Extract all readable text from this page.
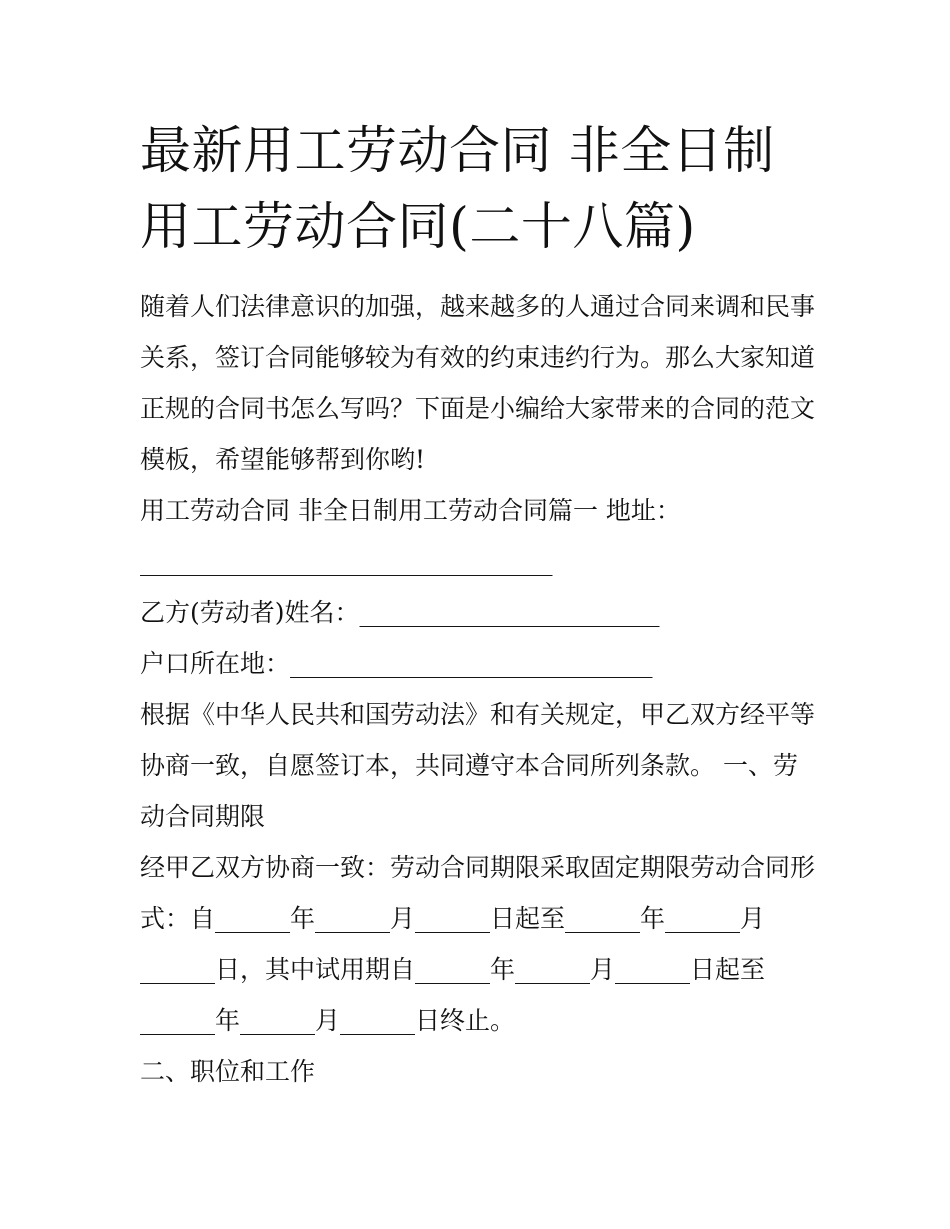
最新用工劳动合同 非全日制用工劳动合同(二十八篇)

随着人们法律意识的加强，越来越多的人通过合同来调和民事关系，签订合同能够较为有效的约束违约行为。那么大家知道正规的合同书怎么写吗？下面是小编给大家带来的合同的范文模板，希望能够帮到你哟!

用工劳动合同 非全日制用工劳动合同篇一 地址：

_________________________________

乙方(劳动者)姓名：________________________

户口所在地：_____________________________

根据《中华人民共和国劳动法》和有关规定，甲乙双方经平等协商一致，自愿签订本，共同遵守本合同所列条款。 一、劳动合同期限

经甲乙双方协商一致：劳动合同期限采取固定期限劳动合同形式：自______年______月______日起至______年______月______日，其中试用期自______年______月______日起至______年______月______日终止。

二、职位和工作
